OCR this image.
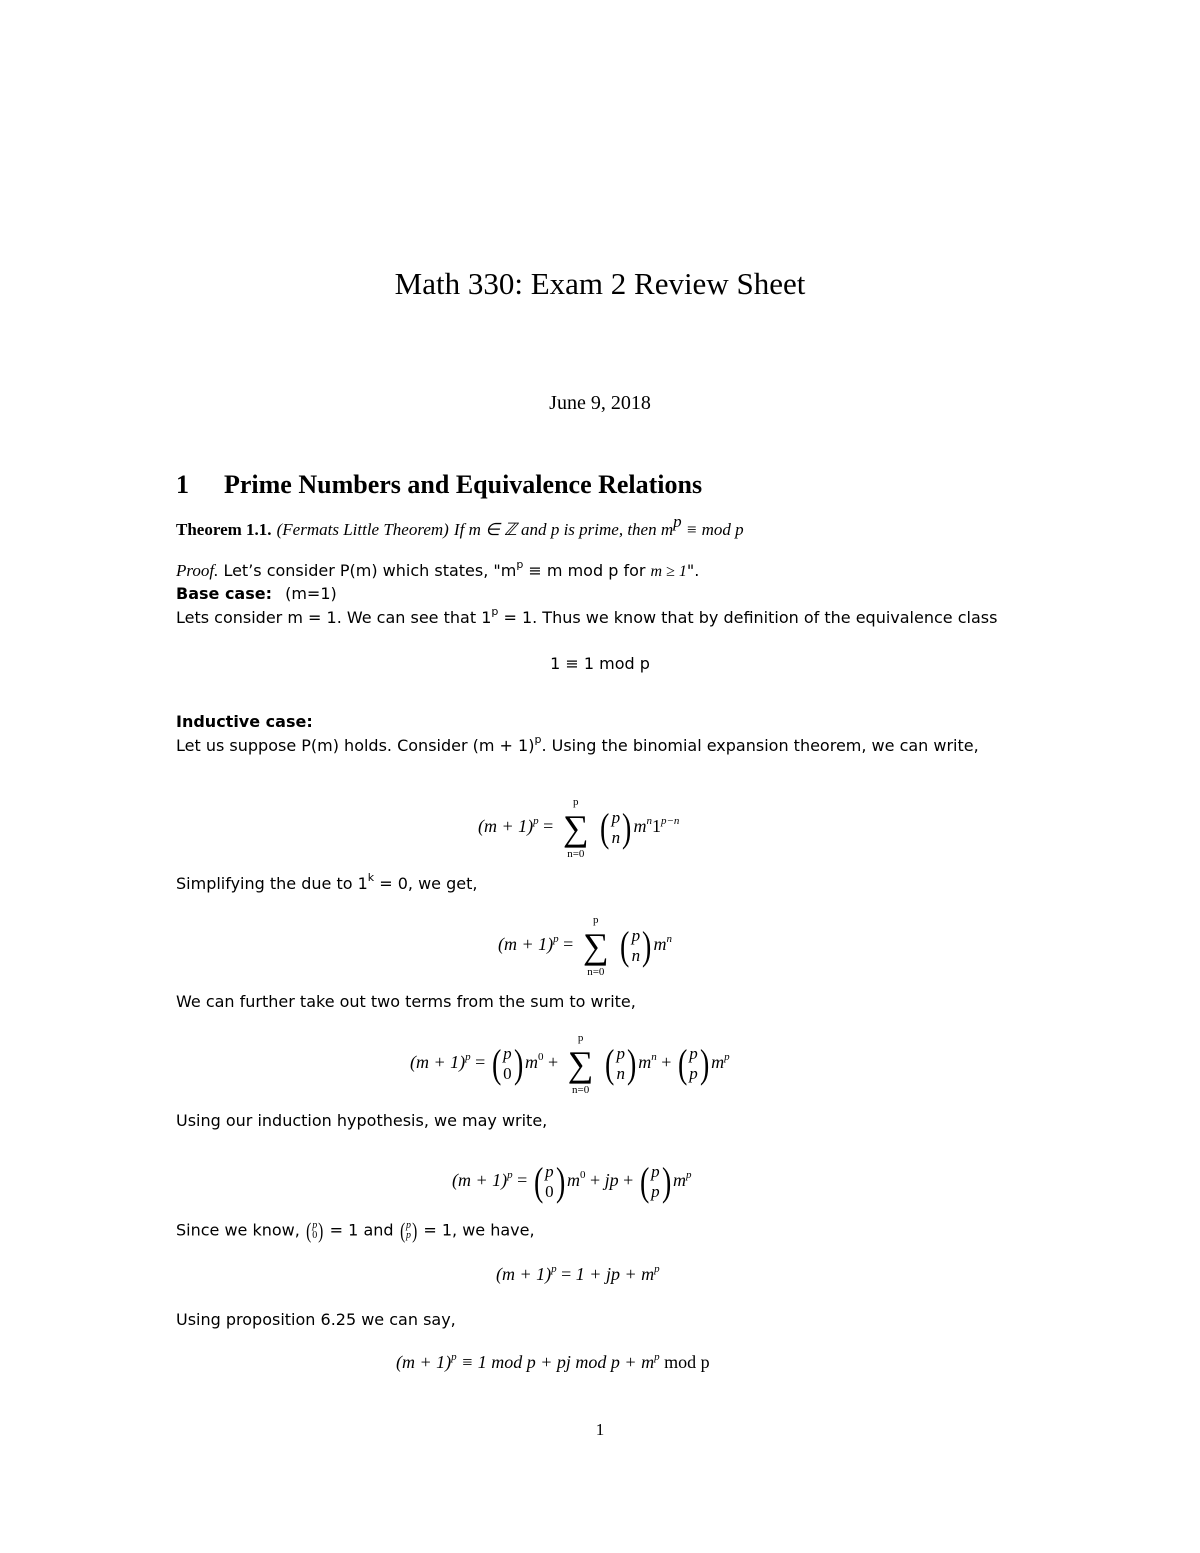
Math 330: Exam 2 Review Sheet
June 9, 2018
1 Prime Numbers and Equivalence Relations
Theorem 1.1. (Fermats Little Theorem) If m ∈ ℤ and p is prime, then $m^p$ ≡ mod p
Proof. Let’s consider P(m) which states, "$m^p \equiv m$ mod p for m ≥ 1".
Base case: (m=1)
Lets consider m = 1. We can see that $1^p = 1$. Thus we know that by definition of the equivalence class
1 ≡ 1 mod p
Inductive case:
Let us suppose P(m) holds. Consider $(m + 1)^p$. Using the binomial expansion theorem, we can write,
$(m + 1)^p$ =
p
∑
n=0

( p
n ) $m^n1^{p-n}$
Simplifying the due to $1^k = 0$, we get,
$(m + 1)^p$ =
p
∑
n=0

( p
n ) $m^n$
We can further take out two terms from the sum to write,
$(m + 1)^p$ = ( p
0 ) $m^0$ +
p
∑
n=0

( p
n ) $m^n$ + ( p
p ) $m^p$
Using our induction hypothesis, we may write,
$(m + 1)^p$ = ( p
0 ) $m^0$ + jp + ( p
p ) $m^p$
Since we know, ( p
0 ) = 1 and ( p
p ) = 1, we have,
$(m + 1)^p = 1$ + jp + $m^p$
Using proposition 6.25 we can say,
$(m + 1)^p \equiv 1$ mod p + pj mod $p + m^p$ mod p
1
